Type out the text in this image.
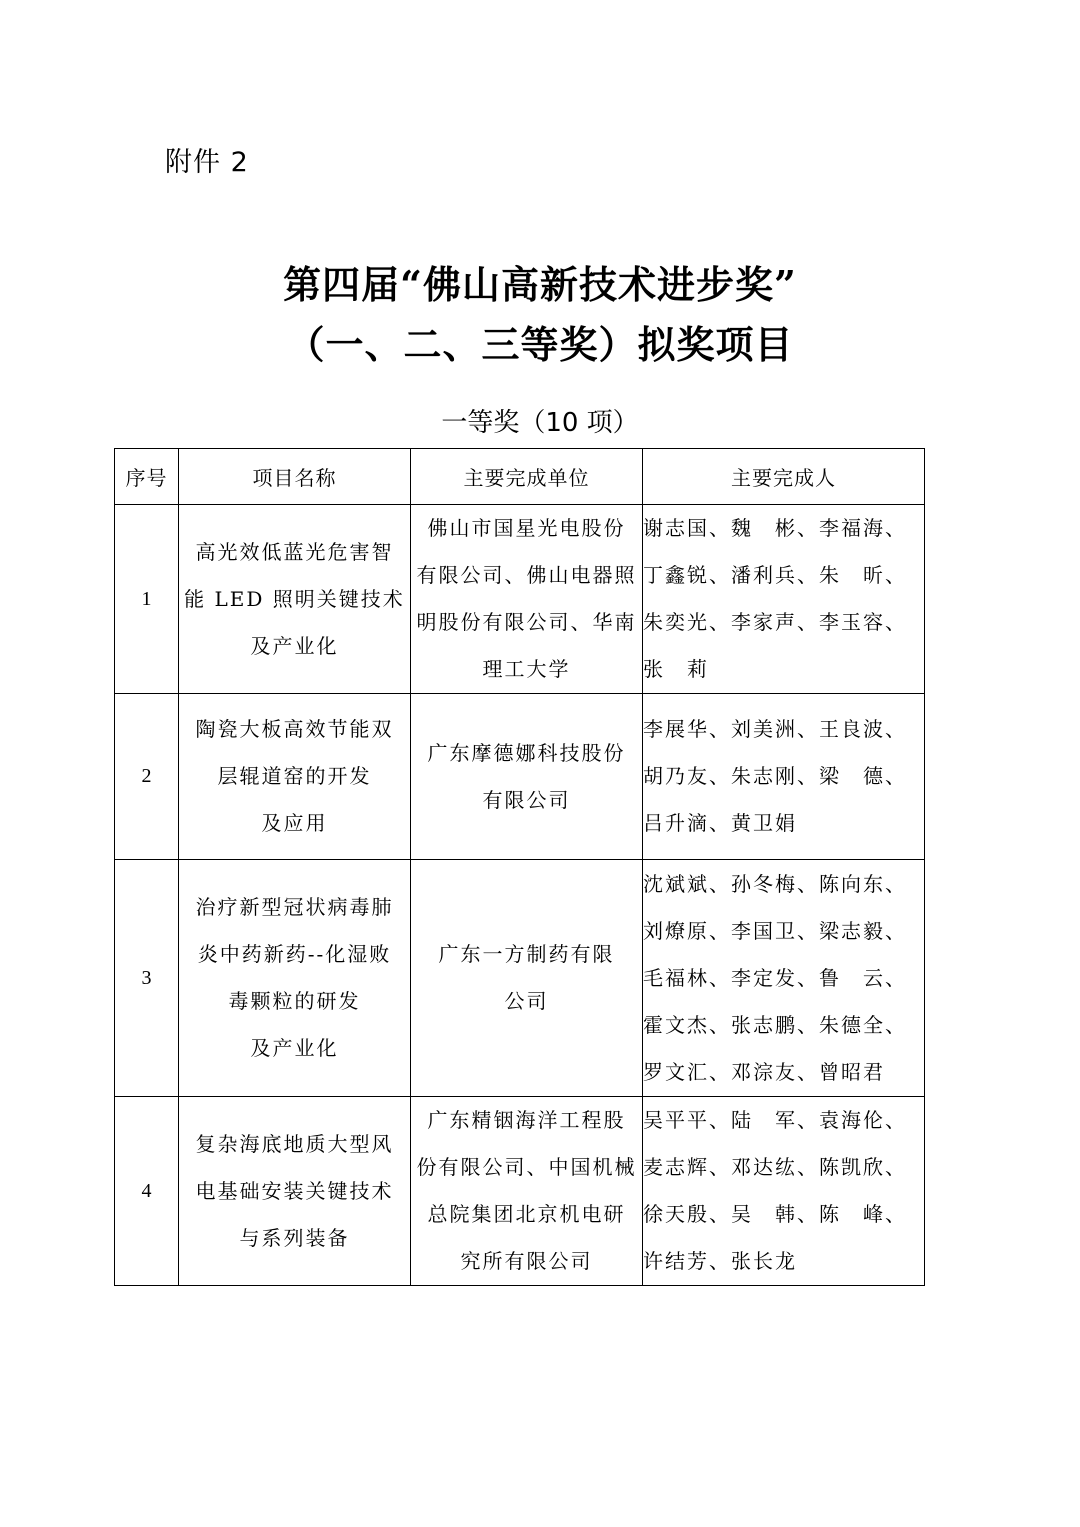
附件 2
第四届“佛山高新技术进步奖”
（一、二、三等奖）拟奖项目
一等奖（10 项）
序号	项目名称	主要完成单位	主要完成人
1	高光效低蓝光危害智
能 LED 照明关键技术
及产业化	佛山市国星光电股份
有限公司、佛山电器照
明股份有限公司、华南
理工大学	谢志国、魏　彬、李福海、
丁鑫锐、潘利兵、朱　昕、
朱奕光、李家声、李玉容、
张　莉

2	陶瓷大板高效节能双
层辊道窑的开发
及应用	广东摩德娜科技股份
有限公司	李展华、刘美洲、王良波、
胡乃友、朱志刚、梁　德、
吕升滴、黄卫娟

3	治疗新型冠状病毒肺
炎中药新药--化湿败
毒颗粒的研发
及产业化	广东一方制药有限
公司	沈斌斌、孙冬梅、陈向东、
刘燎原、李国卫、梁志毅、
毛福林、李定发、鲁　云、
霍文杰、张志鹏、朱德全、
罗文汇、邓淙友、曾昭君

4	复杂海底地质大型风
电基础安装关键技术
与系列装备	广东精铟海洋工程股
份有限公司、中国机械
总院集团北京机电研
究所有限公司	吴平平、陆　军、袁海伦、
麦志辉、邓达纮、陈凯欣、
徐天殷、吴　韩、陈　峰、
许结芳、张长龙
